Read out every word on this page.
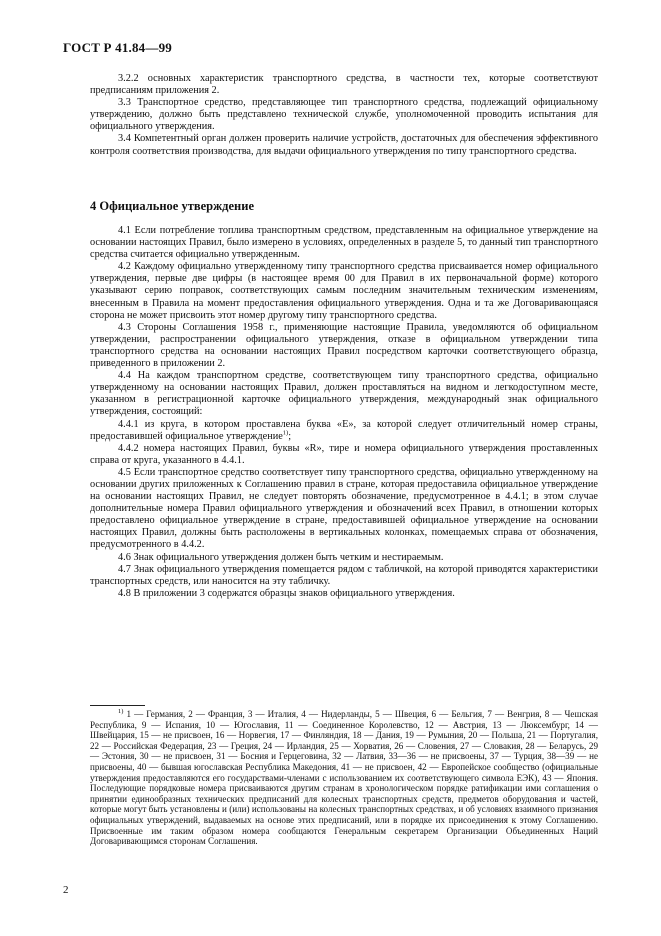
ГОСТ Р 41.84—99

3.2.2 основных характеристик транспортного средства, в частности тех, которые соответствуют предписаниям приложения 2.

3.3 Транспортное средство, представляющее тип транспортного средства, подлежащий официальному утверждению, должно быть представлено технической службе, уполномоченной проводить испытания для официального утверждения.

3.4 Компетентный орган должен проверить наличие устройств, достаточных для обеспечения эффективного контроля соответствия производства, для выдачи официального утверждения по типу транспортного средства.

4 Официальное утверждение

4.1 Если потребление топлива транспортным средством, представленным на официальное утверждение на основании настоящих Правил, было измерено в условиях, определенных в разделе 5, то данный тип транспортного средства считается официально утвержденным.

4.2 Каждому официально утвержденному типу транспортного средства присваивается номер официального утверждения, первые две цифры (в настоящее время 00 для Правил в их первоначальной форме) которого указывают серию поправок, соответствующих самым последним значительным техническим изменениям, внесенным в Правила на момент предоставления официального утверждения. Одна и та же Договаривающаяся сторона не может присвоить этот номер другому типу транспортного средства.

4.3 Стороны Соглашения 1958 г., применяющие настоящие Правила, уведомляются об официальном утверждении, распространении официального утверждения, отказе в официальном утверждении типа транспортного средства на основании настоящих Правил посредством карточки соответствующего образца, приведенного в приложении 2.

4.4 На каждом транспортном средстве, соответствующем типу транспортного средства, официально утвержденному на основании настоящих Правил, должен проставляться на видном и легкодоступном месте, указанном в регистрационной карточке официального утверждения, международный знак официального утверждения, состоящий:

4.4.1 из круга, в котором проставлена буква «Е», за которой следует отличительный номер страны, предоставившей официальное утверждение$^{1)}$;

4.4.2 номера настоящих Правил, буквы «R», тире и номера официального утверждения проставленных справа от круга, указанного в 4.4.1.

4.5 Если транспортное средство соответствует типу транспортного средства, официально утвержденному на основании других приложенных к Соглашению правил в стране, которая предоставила официальное утверждение на основании настоящих Правил, не следует повторять обозначение, предусмотренное в 4.4.1; в этом случае дополнительные номера Правил официального утверждения и обозначений всех Правил, в отношении которых предоставлено официальное утверждение в стране, предоставившей официальное утверждение на основании настоящих Правил, должны быть расположены в вертикальных колонках, помещаемых справа от обозначения, предусмотренного в 4.4.2.

4.6 Знак официального утверждения должен быть четким и нестираемым.

4.7 Знак официального утверждения помещается рядом с табличкой, на которой приводятся характеристики транспортных средств, или наносится на эту табличку.

4.8 В приложении 3 содержатся образцы знаков официального утверждения.

$^{1)}$ 1 — Германия, 2 — Франция, 3 — Италия, 4 — Нидерланды, 5 — Швеция, 6 — Бельгия, 7 — Венгрия, 8 — Чешская Республика, 9 — Испания, 10 — Югославия, 11 — Соединенное Королевство, 12 — Австрия, 13 — Люксембург, 14 — Швейцария, 15 — не присвоен, 16 — Норвегия, 17 — Финляндия, 18 — Дания, 19 — Румыния, 20 — Польша, 21 — Португалия, 22 — Российская Федерация, 23 — Греция, 24 — Ирландия, 25 — Хорватия, 26 — Словения, 27 — Словакия, 28 — Беларусь, 29 — Эстония, 30 — не присвоен, 31 — Босния и Герцеговина, 32 — Латвия, 33—36 — не присвоены, 37 — Турция, 38—39 — не присвоены, 40 — бывшая югославская Республика Македония, 41 — не присвоен, 42 — Европейское сообщество (официальные утверждения предоставляются его государствами-членами с использованием их соответствующего символа ЕЭК), 43 — Япония. Последующие порядковые номера присваиваются другим странам в хронологическом порядке ратификации ими соглашения о принятии единообразных технических предписаний для колесных транспортных средств, предметов оборудования и частей, которые могут быть установлены и (или) использованы на колесных транспортных средствах, и об условиях взаимного признания официальных утверждений, выдаваемых на основе этих предписаний, или в порядке их присоединения к этому Соглашению. Присвоенные им таким образом номера сообщаются Генеральным секретарем Организации Объединенных Наций Договаривающимся сторонам Соглашения.

2
